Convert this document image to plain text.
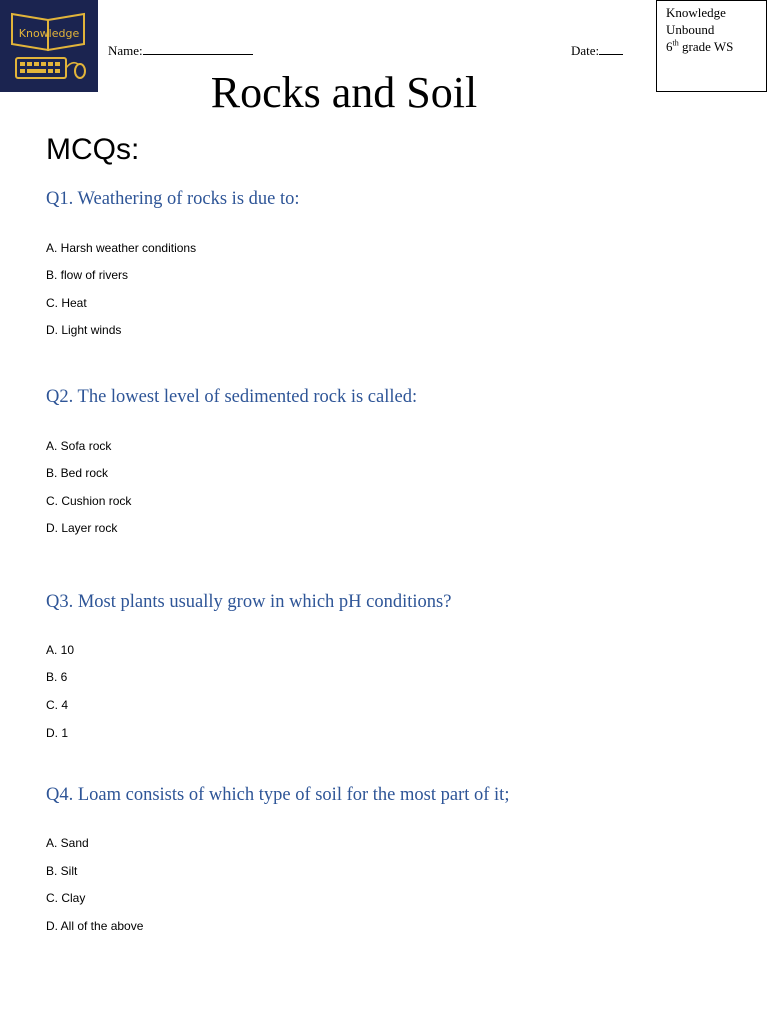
Knowledge
Name:	Date:
Knowledge
Unbound
6th grade WS
Rocks and Soil
MCQs:
Q1. Weathering of rocks is due to:
A. Harsh weather conditions
B. flow of rivers
C. Heat
D. Light winds
Q2. The lowest level of sedimented rock is called:
A. Sofa rock
B. Bed rock
C. Cushion rock
D. Layer rock
Q3. Most plants usually grow in which pH conditions?
A. 10
B. 6
C. 4
D. 1
Q4. Loam consists of which type of soil for the most part of it;
A. Sand
B. Silt
C. Clay
D. All of the above
